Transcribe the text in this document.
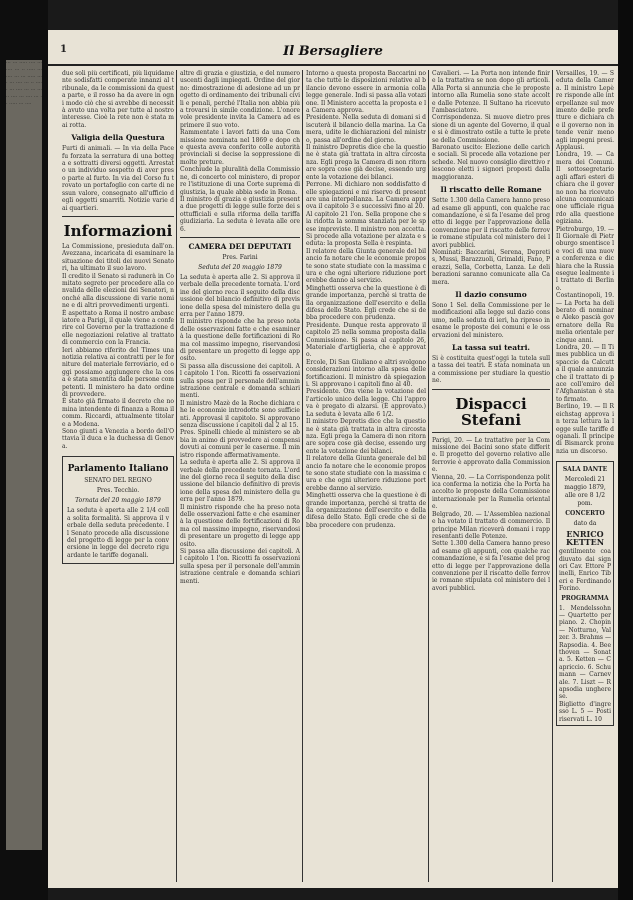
··· ··· ····· ···· ··· ···· ··· ·· ····· ··· ···· ··· ··· ····· ···· ··· ···· ··· ·· ····· ··· ···· ··· ··· ····· ···· ··· ···· ··· ·· ····· ··· ····

1	Il Bersagliere

due soli più certificati, più liquidamente sodisfatti comperate innanzi al tribunale, da le commissioni da questa parte, e il rosso ha da avere in ogni modo ciò che si avrebbe di necessità avuto una volta per tutte al nostro interesse. Cioè la rete non è stata mai rotta.

Valigia della Questura

Furti di animali. — In via della Pace fu forzata la serratura di una bottega e sottratti diversi oggetti. Arrestato un individuo sospetto di aver preso parte al furto. In via del Corso fu trovato un portafoglio con carte di nessun valore, consegnato all'ufficio degli oggetti smarriti. Notizie varie dai quartieri.

Informazioni

La Commissione, presieduta dall'on. Avezzana, incaricata di esaminare la situazione dei titoli dei nuovi Senatori, ha ultimato il suo lavoro.

Il credito il Senato si radunerà in Comitato segreto per procedere alla convalida delle elezioni dei Senatori, nonché alla discussione di varie nomine e di altri provvedimenti urgenti.

È aspettato a Roma il nostro ambasciatore a Parigi, il quale viene a conferire col Governo per la trattazione delle negoziazioni relative al trattato di commercio con la Francia.

Ieri abbiamo riferito del Times una notizia relativa ai contratti per le forniture del materiale ferroviario, ed oggi possiamo aggiungere che la cosa è stata smentita dalle persone competenti. Il ministero ha dato ordine di provvedere.

È stato già firmato il decreto che nomina intendente di finanza a Roma il comm. Riccardi, attualmente titolare a Modena.

Sono giunti a Venezia a bordo dell'Ottavia il duca e la duchessa di Genova.

Parlamento Italiano
SENATO DEL REGNO
Pres. Tecchio.
Tornata del 20 maggio 1879

La seduta è aperta alle 2 1/4 colla solita formalità. Si approva il verbale della seduta precedente. Il Senato procede alla discussione del progetto di legge per la conversione in legge del decreto riguardante le tariffe doganali.

altre di grazia e giustizia, e del numero uscenti dagli impiegati. Ordine del giorno: dimostrazione di adesione ad un progetto di ordinamento dei tribunali civili e penali, perché l'Italia non abbia più a trovarsi in simile condizione. L'onorevole presidente invita la Camera ad esprimere il suo voto.

Rammentate i lavori fatti da una Commissione nominata nel 1869 e dopo che questa aveva conferito colle autorità provinciali si decise la soppressione di molte preture.

Conchiude la pluralità della Commissione, di concerto col ministero, di proporre l'istituzione di una Corte suprema di giustizia, la quale abbia sede in Roma.

Il ministro di grazia e giustizia presenta due progetti di legge sulle forze dei sottufficiali e sulla riforma della tariffa giudiziaria. La seduta è levata alle ore 6.

CAMERA DEI DEPUTATI
Pres. Farini
Seduta del 20 maggio 1879

La seduta è aperta alle 2. Si approva il verbale della precedente tornata. L'ordine del giorno reca il seguito della discussione del bilancio definitivo di previsione della spesa del ministero della guerra per l'anno 1879.

Il ministro risponde che ha preso nota delle osservazioni fatte e che esaminerà la questione delle fortificazioni di Roma col massimo impegno, riservandosi di presentare un progetto di legge apposito.

Si passa alla discussione dei capitoli. Al capitolo 1 l'on. Ricotti fa osservazioni sulla spesa per il personale dell'amministrazione centrale e domanda schiarimenti.

Il ministro Mazè de la Roche dichiara che le economie introdotte sono sufficienti. Approvasi il capitolo. Si approvano senza discussione i capitoli dal 2 al 15.

Pres. Spinelli chiede al ministero se abbia in animo di provvedere ai compensi dovuti ai comuni per le caserme. Il ministro risponde affermativamente.

La seduta è aperta alle 2. Si approva il verbale della precedente tornata. L'ordine del giorno reca il seguito della discussione del bilancio definitivo di previsione della spesa del ministero della guerra per l'anno 1879.

Il ministro risponde che ha preso nota delle osservazioni fatte e che esaminerà la questione delle fortificazioni di Roma col massimo impegno, riservandosi di presentare un progetto di legge apposito.

Si passa alla discussione dei capitoli. Al capitolo 1 l'on. Ricotti fa osservazioni sulla spesa per il personale dell'amministrazione centrale e domanda schiarimenti.

Intorno a questa proposta Baccarini nota che tutte le disposizioni relative al bilancio devono essere in armonia colla legge generale. Indi si passa alla votazione. Il Ministero accetta la proposta e la Camera approva.

Presidente. Nella seduta di domani si discuterà il bilancio della marina. La Camera, udite le dichiarazioni del ministro, passa all'ordine del giorno.

Il ministro Depretis dice che la questione è stata già trattata in altra circostanza. Egli prega la Camera di non ritornare sopra cose già decise, essendo urgente la votazione dei bilanci.

Perrone. Mi dichiaro non soddisfatto delle spiegazioni e mi riservo di presentare una interpellanza. La Camera approva il capitolo 3 e successivi fino al 20.

Al capitolo 21 l'on. Sella propone che sia ridotta la somma stanziata per le spese impreviste. Il ministro non accetta. Si procede alla votazione per alzata e seduta: la proposta Sella è respinta.

Il relatore della Giunta generale del bilancio fa notare che le economie proposte sono state studiate con la massima cura e che ogni ulteriore riduzione porterebbe danno al servizio.

Minghetti osserva che la questione è di grande importanza, perché si tratta della organizzazione dell'esercito e della difesa dello Stato. Egli crede che si debba procedere con prudenza.

Presidente. Dunque resta approvato il capitolo 25 nella somma proposta dalla Commissione. Si passa al capitolo 26, Materiale d'artiglieria, che è approvato.

Ercole, Di San Giuliano e altri svolgono considerazioni intorno alla spesa delle fortificazioni. Il ministro dà spiegazioni. Si approvano i capitoli fino al 40.

Presidente. Ora viene la votazione dell'articolo unico della legge. Chi l'approva è pregato di alzarsi. (È approvato.) La seduta è levata alle 6 1/2.

Il ministro Depretis dice che la questione è stata già trattata in altra circostanza. Egli prega la Camera di non ritornare sopra cose già decise, essendo urgente la votazione dei bilanci.

Il relatore della Giunta generale del bilancio fa notare che le economie proposte sono state studiate con la massima cura e che ogni ulteriore riduzione porterebbe danno al servizio.

Minghetti osserva che la questione è di grande importanza, perché si tratta della organizzazione dell'esercito e della difesa dello Stato. Egli crede che si debba procedere con prudenza.

Cavalieri. — La Porta non intende finire la trattativa se non dopo gli articoli. Alla Porta si annunzia che le proposte intorno alla Rumelia sono state accolte dalle Potenze. Il Sultano ha ricevuto l'ambasciatore.

Corrispondenza. Si muove dietro pressione di un agente del Governo, il quale si è dimostrato ostile a tutte le pretese della Commissione.

Baronato uscito: Elezione delle cariche sociali. Si procede alla votazione per schede. Nel nuovo consiglio direttivo riescono eletti i signori proposti dalla maggioranza.

Il riscatto delle Romane

Sette 1.300 della Camera hanno preso ad esame gli appunti, con qualche raccomandazione, e si fa l'esame del progetto di legge per l'approvazione della convenzione per il riscatto delle ferrovie romane stipulata col ministero dei lavori pubblici.

Nominati: Baccarini, Serena, Depretis, Mussi, Barazzuoli, Grimaldi, Fano, Perazzi, Sella, Corbetta, Lanza. Le deliberazioni saranno comunicate alla Camera.

Il dazio consumo

Sono 1 Sel. della Commissione per le modificazioni alla legge sul dazio consumo, nella seduta di ieri, ha ripreso in esame le proposte dei comuni e le osservazioni del ministero.

La tassa sui teatri.

Si è costituita quest'oggi la tutela sulla tassa dei teatri. È stata nominata una commissione per studiare la questione.

Dispacci Stefani

Parigi, 20. — Le trattative per la Commissione dei Bacini sono state differite. Il progetto del governo relativo alle ferrovie è approvato dalla Commissione.

Vienna, 20. — La Corrispondenza politica conferma la notizia che la Porta ha accolto le proposte della Commissione internazionale per la Rumelia orientale.

Belgrado, 20. — L'Assemblea nazionale ha votato il trattato di commercio. Il principe Milan riceverà domani i rappresentanti delle Potenze.

Sette 1.300 della Camera hanno preso ad esame gli appunti, con qualche raccomandazione, e si fa l'esame del progetto di legge per l'approvazione della convenzione per il riscatto delle ferrovie romane stipulata col ministero dei lavori pubblici.

Versailles, 19. — Seduta della Camera. Il ministro Lepère risponde alle interpellanze sul movimento delle prefetture e dichiara che il governo non intende venir meno agli impegni presi. Applausi.

Londra, 19. — Camera dei Comuni. Il sottosegretario agli affari esteri dichiara che il governo non ha ricevuto alcuna comunicazione ufficiale riguardo alla questione egiziana.

Pietroburgo, 19. — Il Giornale di Pietroburgo smentisce le voci di una nuova conferenza e dichiara che la Russia esegue lealmente il trattato di Berlino.

Costantinopoli, 19. — La Porta ha deliberato di nominare Aleko pascià governatore della Rumelia orientale per cinque anni.

Londra, 20. — Il Times pubblica un dispaccio da Calcutta il quale annunzia che il trattato di pace coll'emiro dell'Afghanistan è stato firmato.

Berlino, 19. — Il Reichstag approva in terza lettura la legge sulle tariffe doganali. Il principe di Bismarck pronunzia un discorso.

SALA DANTE
Mercoledì 21 maggio 1879, alle ore 8 1/2 pom.
CONCERTO
dato da
ENRICO KETTEN

gentilmente coadiuvato dai signori Cav. Ettore Pinelli, Enrico Tiberi e Ferdinando Forino.

PROGRAMMA

1. Mendelssohn — Quartetto per piano. 2. Chopin — Notturno, Valzer. 3. Brahms — Rapsodia. 4. Beethoven — Sonata. 5. Ketten — Capriccio. 6. Schumann — Carnevale. 7. Liszt — Rapsodia ungherese.

Biglietto d'ingresso L. 5 — Posti riservati L. 10
